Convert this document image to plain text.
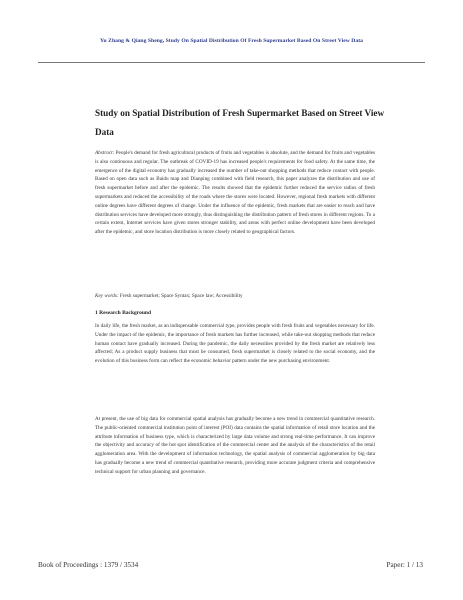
Yu Zhang & Qiang Sheng, Study On Spatial Distribution Of Fresh Supermarket Based On Street View Data
Study on Spatial Distribution of Fresh Supermarket Based on Street View Data
Abstract: People's demand for fresh agricultural products of fruits and vegetables is absolute, and the demand for fruits and vegetables is also continuous and regular. The outbreak of COVID-19 has increased people's requirements for food safety. At the same time, the emergence of the digital economy has gradually increased the number of take-out shopping methods that reduce contact with people. Based on open data such as Baidu map and Dianping combined with field research, this paper analyzes the distribution and use of fresh supermarket before and after the epidemic. The results showed that the epidemic further reduced the service radius of fresh supermarkets and reduced the accessibility of the roads where the stores were located. However, regional fresh markets with different online degrees have different degrees of change. Under the influence of the epidemic, fresh markets that are easier to reach and have distribution services have developed more strongly, thus distinguishing the distribution pattern of fresh stores in different regions. To a certain extent, Internet services have given stores stronger stability, and areas with perfect online development have been developed after the epidemic, and store location distribution is more closely related to geographical factors.
Key words: Fresh supermarket; Space Syntax; Space law; Accessibility
1 Research Background
In daily life, the fresh market, as an indispensable commercial type, provides people with fresh fruits and vegetables necessary for life. Under the impact of the epidemic, the importance of fresh markets has further increased, while take-out shopping methods that reduce human contact have gradually increased. During the pandemic, the daily necessities provided by the fresh market are relatively less affected; As a product supply business that must be consumed, fresh supermarket is closely related to the social economy, and the evolution of this business form can reflect the economic behavior pattern under the new purchasing environment.
At present, the use of big data for commercial spatial analysis has gradually become a new trend in commercial quantitative research. The public-oriented commercial institution point of interest (POI) data contains the spatial information of retail store location and the attribute information of business type, which is characterized by large data volume and strong real-time performance. It can improve the objectivity and accuracy of the hot spot identification of the commercial center and the analysis of the characteristics of the retail agglomeration area. With the development of information technology, the spatial analysis of commercial agglomeration by big data has gradually become a new trend of commercial quantitative research, providing more accurate judgment criteria and comprehensive technical support for urban planning and governance.
Book of Proceedings : 1379 / 3534	Paper: 1 / 13
